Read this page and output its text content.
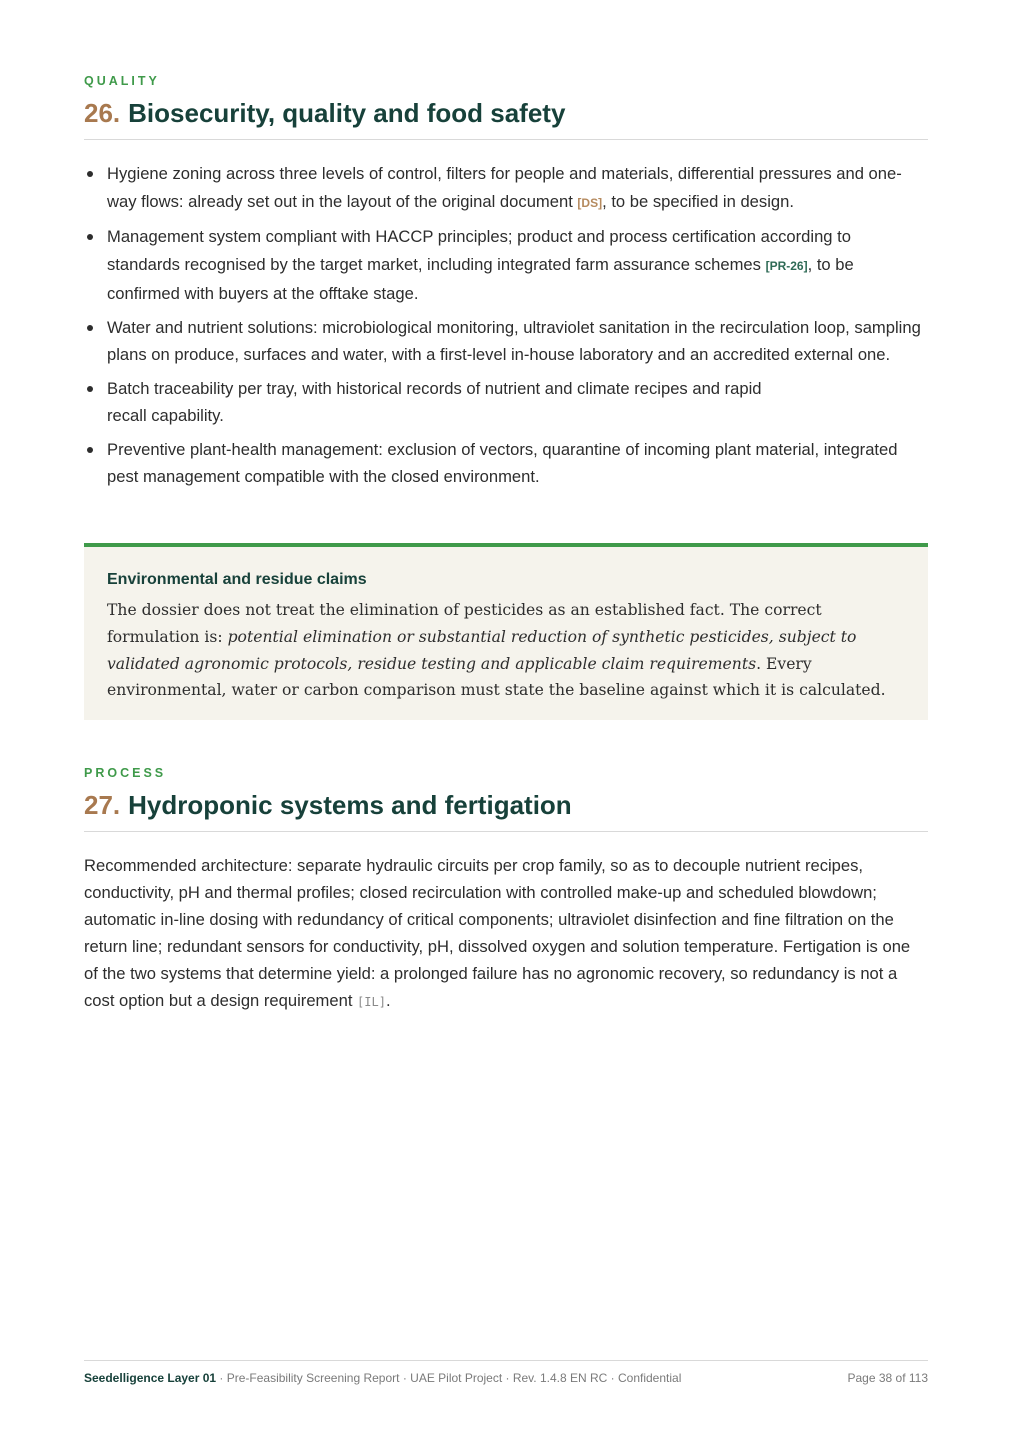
QUALITY
26. Biosecurity, quality and food safety
Hygiene zoning across three levels of control, filters for people and materials, differential pressures and one-way flows: already set out in the layout of the original document [DS], to be specified in design.
Management system compliant with HACCP principles; product and process certification according to standards recognised by the target market, including integrated farm assurance schemes [PR-26], to be confirmed with buyers at the offtake stage.
Water and nutrient solutions: microbiological monitoring, ultraviolet sanitation in the recirculation loop, sampling plans on produce, surfaces and water, with a first-level in-house laboratory and an accredited external one.
Batch traceability per tray, with historical records of nutrient and climate recipes and rapid
recall capability.
Preventive plant-health management: exclusion of vectors, quarantine of incoming plant material, integrated pest management compatible with the closed environment.
Environmental and residue claims

The dossier does not treat the elimination of pesticides as an established fact. The correct formulation is: potential elimination or substantial reduction of synthetic pesticides, subject to validated agronomic protocols, residue testing and applicable claim requirements. Every environmental, water or carbon comparison must state the baseline against which it is calculated.

PROCESS
27. Hydroponic systems and fertigation

Recommended architecture: separate hydraulic circuits per crop family, so as to decouple nutrient recipes, conductivity, pH and thermal profiles; closed recirculation with controlled make-up and scheduled blowdown; automatic in-line dosing with redundancy of critical components; ultraviolet disinfection and fine filtration on the return line; redundant sensors for conductivity, pH, dissolved oxygen and solution temperature. Fertigation is one of the two systems that determine yield: a prolonged failure has no agronomic recovery, so redundancy is not a cost option but a design requirement [IL].

Seedelligence Layer 01 · Pre-Feasibility Screening Report · UAE Pilot Project · Rev. 1.4.8 EN RC · Confidential	Page 38 of 113
